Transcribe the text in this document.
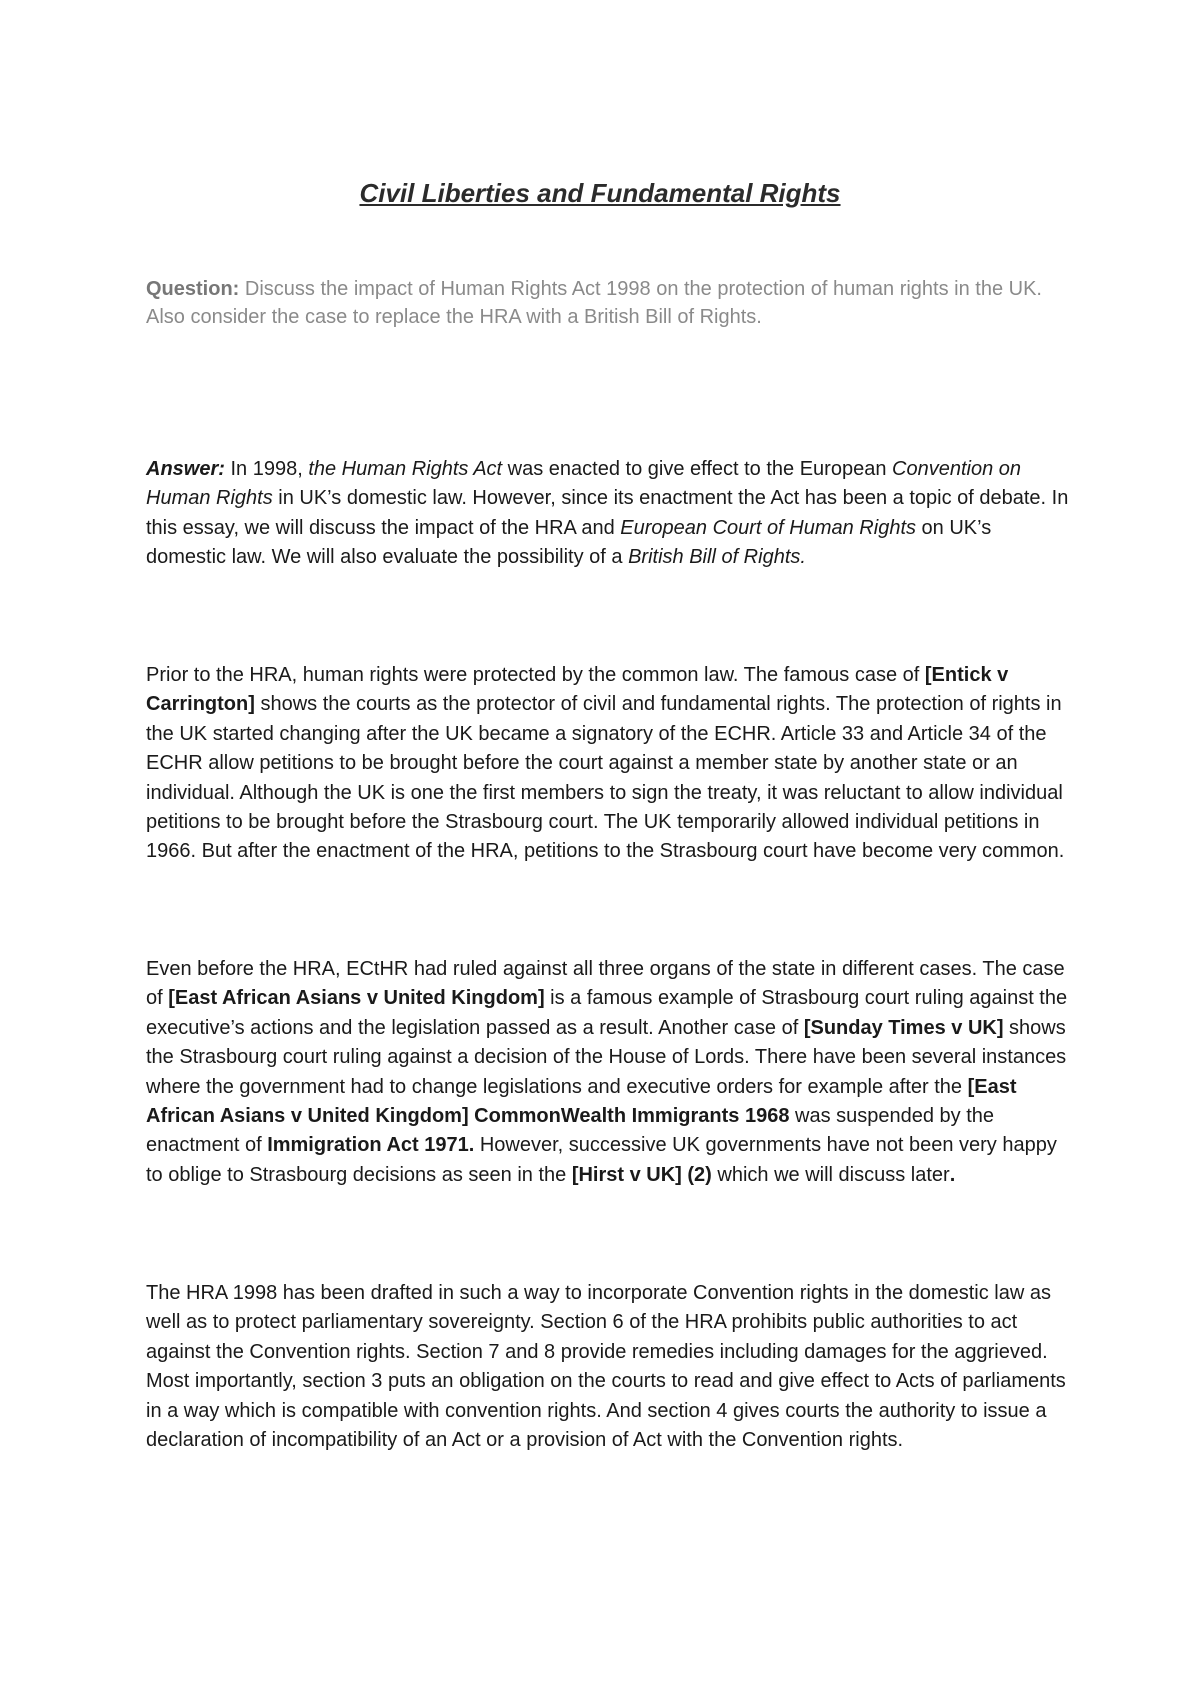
Civil Liberties and Fundamental Rights

Question: Discuss the impact of Human Rights Act 1998 on the protection of human rights in the UK. Also consider the case to replace the HRA with a British Bill of Rights.

Answer: In 1998, the Human Rights Act was enacted to give effect to the European Convention on Human Rights in UK’s domestic law. However, since its enactment the Act has been a topic of debate. In this essay, we will discuss the impact of the HRA and European Court of Human Rights on UK’s domestic law. We will also evaluate the possibility of a British Bill of Rights.

Prior to the HRA, human rights were protected by the common law. The famous case of [Entick v Carrington] shows the courts as the protector of civil and fundamental rights. The protection of rights in the UK started changing after the UK became a signatory of the ECHR. Article 33 and Article 34 of the ECHR allow petitions to be brought before the court against a member state by another state or an individual. Although the UK is one the first members to sign the treaty, it was reluctant to allow individual petitions to be brought before the Strasbourg court. The UK temporarily allowed individual petitions in 1966. But after the enactment of the HRA, petitions to the Strasbourg court have become very common.

Even before the HRA, ECtHR had ruled against all three organs of the state in different cases. The case of [East African Asians v United Kingdom] is a famous example of Strasbourg court ruling against the executive’s actions and the legislation passed as a result. Another case of [Sunday Times v UK] shows the Strasbourg court ruling against a decision of the House of Lords. There have been several instances where the government had to change legislations and executive orders for example after the [East African Asians v United Kingdom] CommonWealth Immigrants 1968 was suspended by the enactment of Immigration Act 1971. However, successive UK governments have not been very happy to oblige to Strasbourg decisions as seen in the [Hirst v UK] (2) which we will discuss later.

The HRA 1998 has been drafted in such a way to incorporate Convention rights in the domestic law as well as to protect parliamentary sovereignty. Section 6 of the HRA prohibits public authorities to act against the Convention rights. Section 7 and 8 provide remedies including damages for the aggrieved. Most importantly, section 3 puts an obligation on the courts to read and give effect to Acts of parliaments in a way which is compatible with convention rights. And section 4 gives courts the authority to issue a declaration of incompatibility of an Act or a provision of Act with the Convention rights.
